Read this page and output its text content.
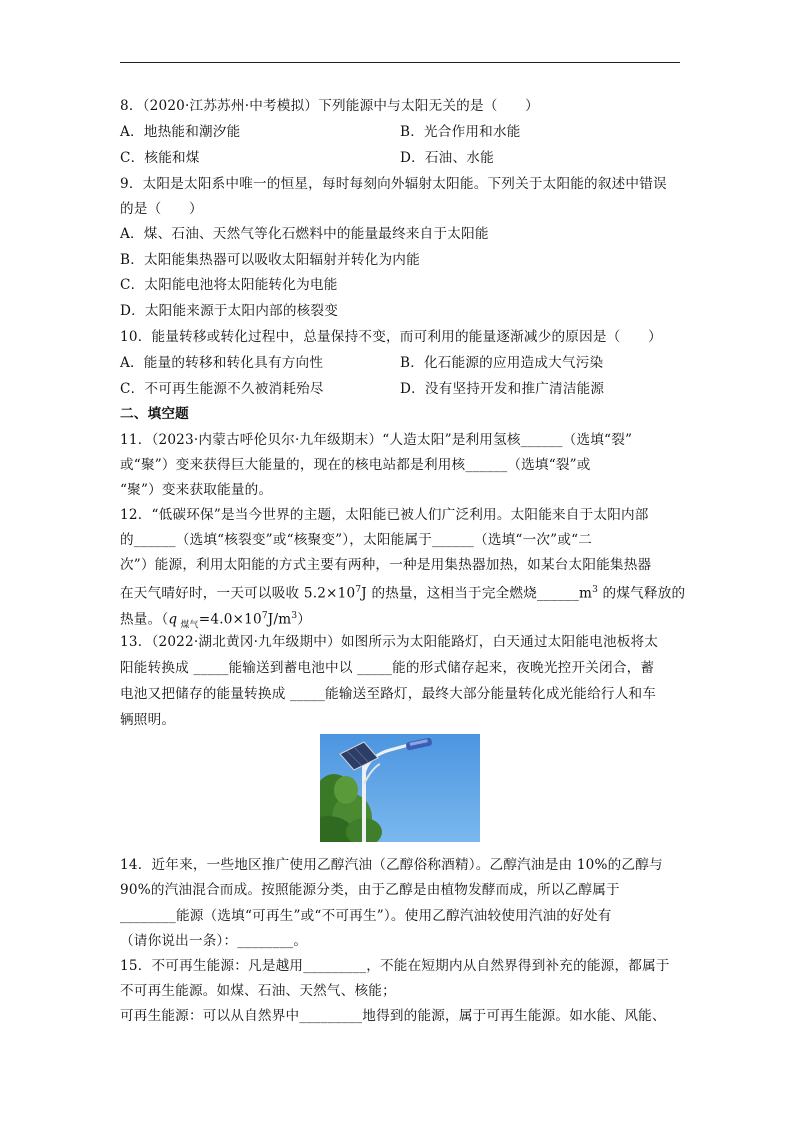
8．（2020·江苏苏州·中考模拟）下列能源中与太阳无关的是（　　）
A．地热能和潮汐能	B．光合作用和水能
C．核能和煤	D．石油、水能
9．太阳是太阳系中唯一的恒星，每时每刻向外辐射太阳能。下列关于太阳能的叙述中错误
的是（　　）
A．煤、石油、天然气等化石燃料中的能量最终来自于太阳能
B．太阳能集热器可以吸收太阳辐射并转化为内能
C．太阳能电池将太阳能转化为电能
D．太阳能来源于太阳内部的核裂变
10．能量转移或转化过程中，总量保持不变，而可利用的能量逐渐减少的原因是（　　）
A．能量的转移和转化具有方向性	B．化石能源的应用造成大气污染
C．不可再生能源不久被消耗殆尽	D．没有坚持开发和推广清洁能源
二、填空题
11．（2023·内蒙古呼伦贝尔·九年级期末）“人造太阳”是利用氢核______（选填“裂”
或“聚”）变来获得巨大能量的，现在的核电站都是利用核______（选填“裂”或
“聚”）变来获取能量的。
12．“低碳环保”是当今世界的主题，太阳能已被人们广泛利用。太阳能来自于太阳内部
的______（选填“核裂变”或“核聚变”），太阳能属于______（选填“一次”或“二
次”）能源，利用太阳能的方式主要有两种，一种是用集热器加热，如某台太阳能集热器
在天气晴好时，一天可以吸收 $5.2\times 10^7J$ 的热量，这相当于完全燃烧$\_\_\_\_\_\_m^3$ 的煤气释放的
热量。（q $_{煤气}=4.0\times 10^7J/m^3$）
13．（2022·湖北黄冈·九年级期中）如图所示为太阳能路灯，白天通过太阳能电池板将太
阳能转换成 _____能输送到蓄电池中以 _____能的形式储存起来，夜晚光控开关闭合，蓄
电池又把储存的能量转换成 _____能输送至路灯，最终大部分能量转化成光能给行人和车
辆照明。
14．近年来，一些地区推广使用乙醇汽油（乙醇俗称酒精）。乙醇汽油是由 10%的乙醇与
90%的汽油混合而成。按照能源分类，由于乙醇是由植物发酵而成，所以乙醇属于
________能源（选填“可再生”或“不可再生”）。使用乙醇汽油较使用汽油的好处有
（请你说出一条）：________。
15．不可再生能源：凡是越用_________，不能在短期内从自然界得到补充的能源，都属于
不可再生能源。如煤、石油、天然气、核能；
可再生能源：可以从自然界中_________地得到的能源，属于可再生能源。如水能、风能、
